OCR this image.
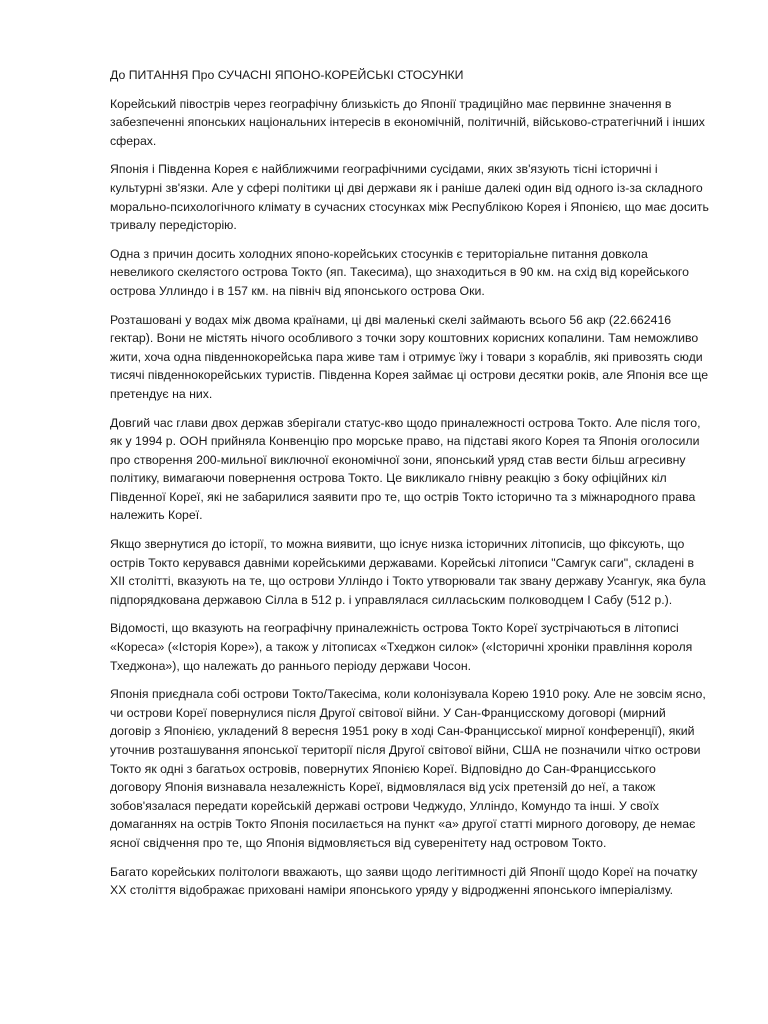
До ПИТАННЯ Про СУЧАСНІ ЯПОНО-КОРЕЙСЬКІ СТОСУНКИ

Корейський півострів через географічну близькість до Японії традиційно має первинне значення в забезпеченні японських національних інтересів в економічній, політичній, військово-стратегічний і інших сферах.

Японія і Південна Корея є найближчими географічними сусідами, яких зв'язують тісні історичні і культурні зв'язки. Але у сфері політики ці дві держави як і раніше далекі один від одного із-за складного морально-психологічного клімату в сучасних стосунках між Республікою Корея і Японією, що має досить тривалу передісторію.

Одна з причин досить холодних японо-корейських стосунків є територіальне питання довкола невеликого скелястого острова Токто (яп. Такесима), що знаходиться в 90 км. на схід від корейського острова Уллиндо і в 157 км. на північ від японського острова Оки.

Розташовані у водах між двома країнами, ці дві маленькі скелі займають всього 56 акр (22.662416 гектар). Вони не містять нічого особливого з точки зору коштовних корисних копалини. Там неможливо жити, хоча одна південнокорейська пара живе там і отримує їжу і товари з кораблів, які привозять сюди тисячі південнокорейських туристів. Південна Корея займає ці острови десятки років, але Японія все ще претендує на них.

Довгий час глави двох держав зберігали статус-кво щодо приналежності острова Токто. Але після того, як у 1994 р. ООН прийняла Конвенцію про морське право, на підставі якого Корея та Японія оголосили про створення 200-мильної виключної економічної зони, японський уряд став вести більш агресивну політику, вимагаючи повернення острова Токто. Це викликало гнівну реакцію з боку офіційних кіл Південної Кореї, які не забарилися заявити про те, що острів Токто історично та з міжнародного права належить Кореї.

Якщо звернутися до історії, то можна виявити, що існує низка історичних літописів, що фіксують, що острів Токто керувався давніми корейськими державами. Корейські літописи "Самгук саги", складені в XII столітті, вказують на те, що острови Уллiндо і Токто утворювали так звану державу Усангук, яка була підпорядкована державою Сілла в 512 р. і управлялася силласьским полководцем І Сабу (512 р.).

Відомості, що вказують на географічну приналежність острова Токто Кореї зустрічаються в літописі «Кореса» («Історія Коре»), а також у літописах «Тхеджон силок» («Історичні хроніки правління короля Тхеджона»), що належать до раннього періоду держави Чосон.

Японія приєднала собі острови Токто/Такесіма, коли колонізувала Корею 1910 року. Але не зовсім ясно, чи острови Кореї повернулися після Другої світової війни. У Сан-Францисскому договорі (мирний договір з Японією, укладений 8 вересня 1951 року в ході Сан-Францисської мирної конференції), який уточнив розташування японської території після Другої світової війни, США не позначили чітко острови Токто як одні з багатьох островів, повернутих Японією Кореї. Відповідно до Сан-Францисського договору Японія визнавала незалежність Кореї, відмовлялася від усіх претензій до неї, а також зобов'язалася передати корейській державі острови Чеджудо, Уллiндо, Комундо та інші. У своїх домаганнях на острів Токто Японія посилається на пункт «а» другої статті мирного договору, де немає ясної свідчення про те, що Японія відмовляється від суверенітету над островом Токто.

Багато корейських політологи вважають, що заяви щодо легітимності дій Японії щодо Кореї на початку XX століття відображає приховані наміри японського уряду у відродженні японського імперіалізму.
